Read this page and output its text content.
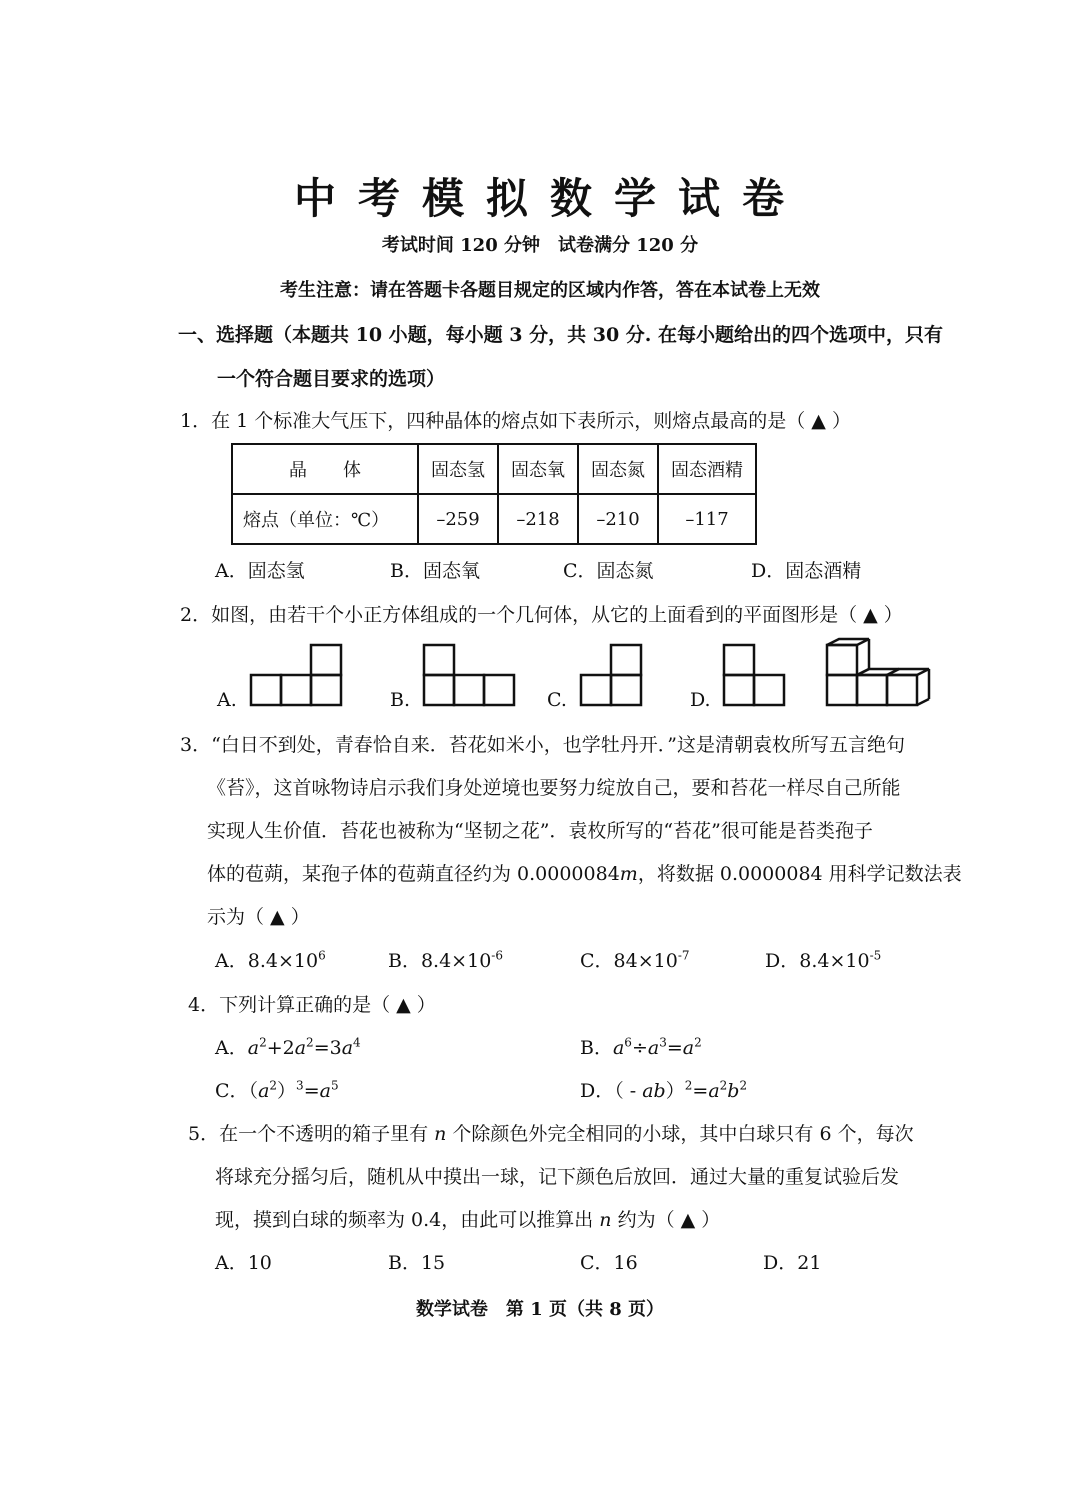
中考模拟数学试卷
考试时间 120 分钟　试卷满分 120 分
考生注意：请在答题卡各题目规定的区域内作答，答在本试卷上无效
一、选择题（本题共 10 小题，每小题 3 分，共 30 分. 在每小题给出的四个选项中，只有
一个符合题目要求的选项）
1．在 1 个标准大气压下，四种晶体的熔点如下表所示，则熔点最高的是（ ▲ ）
晶　　体	固态氢	固态氧	固态氮	固态酒精
熔点（单位：℃）	–259	–218	–210	–117
A．固态氢	B．固态氧	C．固态氮	D．固态酒精
2．如图，由若干个小正方体组成的一个几何体，从它的上面看到的平面图形是（ ▲ ）
A.	B.	C.	D.
3．“白日不到处，青春恰自来．苔花如米小，也学牡丹开．”这是清朝袁枚所写五言绝句
《苔》，这首咏物诗启示我们身处逆境也要努力绽放自己，要和苔花一样尽自己所能
实现人生价值．苔花也被称为“坚韧之花”．袁枚所写的“苔花”很可能是苔类孢子
体的苞蒴，某孢子体的苞蒴直径约为 0.0000084m，将数据 0.0000084 用科学记数法表
示为（ ▲ ）
A．$8.4\times 10^6$	B．$8.4\times 10^{-6}$	C．$84\times 10^{-7}$	D．$8.4\times 10^{-5}$
4．下列计算正确的是（ ▲ ）
A．$a^2+2a^2=3a^4$	B．$a^6\div a^3=a^2$
C．$(a^2)^3=a^5$	D．（ - $ab)^2=a^2b^2$
5．在一个不透明的箱子里有 n 个除颜色外完全相同的小球，其中白球只有 6 个，每次
将球充分摇匀后，随机从中摸出一球，记下颜色后放回．通过大量的重复试验后发
现，摸到白球的频率为 0.4，由此可以推算出 n 约为（ ▲ ）
A．10	B．15	C．16	D．21
数学试卷　第 1 页（共 8 页）
